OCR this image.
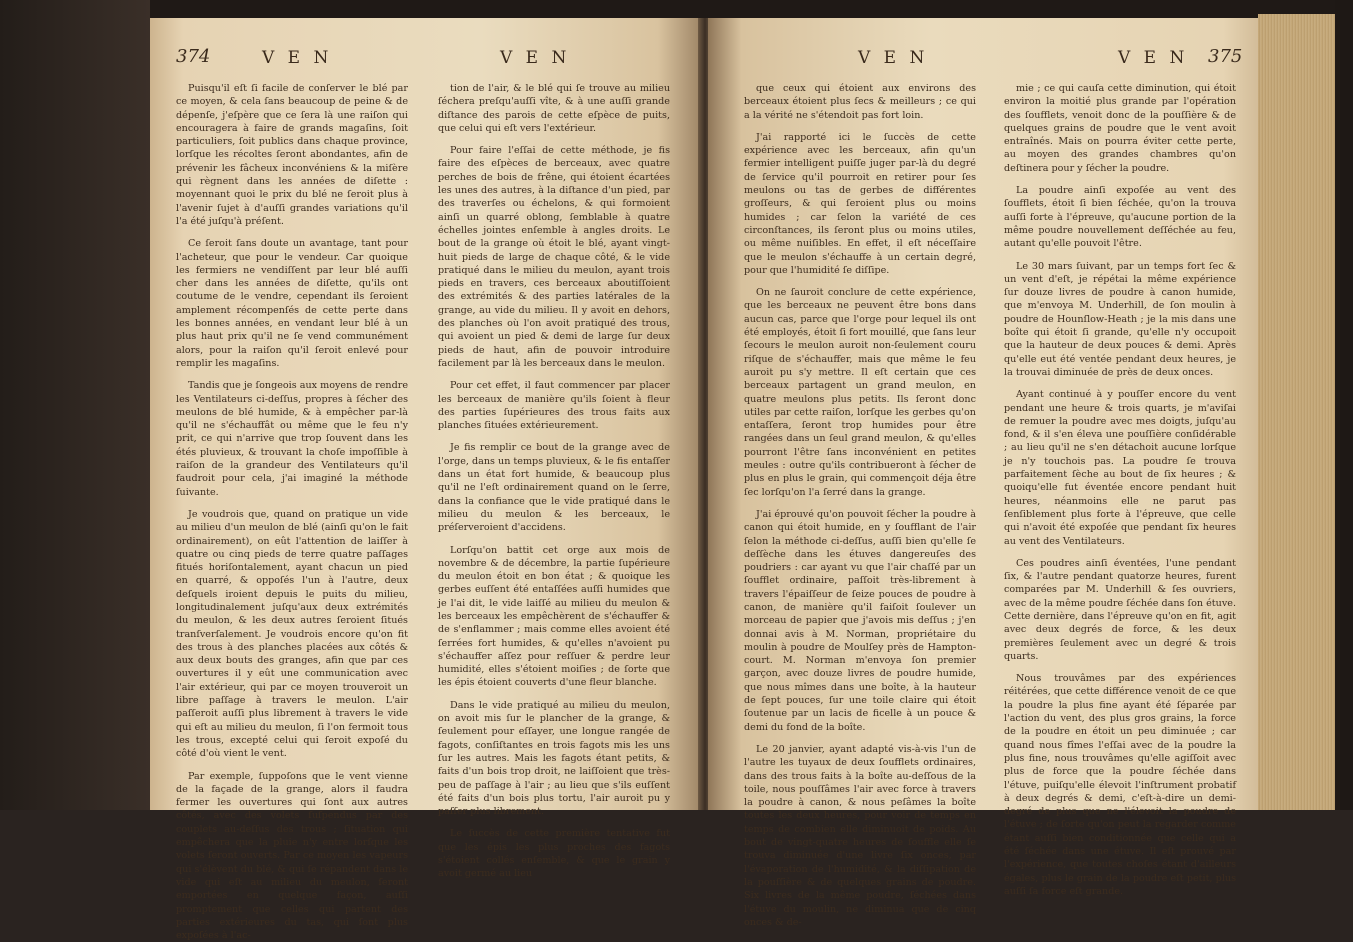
374	V E N	V E N

Puisqu'il eſt ſi facile de conſerver le blé par ce moyen, & cela ſans beaucoup de peine & de dépenſe, j'eſpère que ce ſera là une raiſon qui encouragera à faire de grands magaſins, ſoit particuliers, ſoit publics dans chaque province, lorſque les récoltes ſeront abondantes, afin de prévenir les fâcheux inconvéniens & la miſère qui règnent dans les années de diſette : moyennant quoi le prix du blé ne ſeroit plus à l'avenir ſujet à d'auſſi grandes variations qu'il l'a été juſqu'à préſent.

Ce ſeroit ſans doute un avantage, tant pour l'acheteur, que pour le vendeur. Car quoique les fermiers ne vendiſſent par leur blé auſſi cher dans les années de diſette, qu'ils ont coutume de le vendre, cependant ils ſeroient amplement récompenſés de cette perte dans les bonnes années, en vendant leur blé à un plus haut prix qu'il ne ſe vend communément alors, pour la raiſon qu'il ſeroit enlevé pour remplir les magaſins.

Tandis que je ſongeois aux moyens de rendre les Ventilateurs ci-deſſus, propres à ſécher des meulons de blé humide, & à empêcher par-là qu'il ne s'échauffât ou même que le feu n'y prit, ce qui n'arrive que trop ſouvent dans les étés pluvieux, & trouvant la choſe impoſſible à raiſon de la grandeur des Ventilateurs qu'il faudroit pour cela, j'ai imaginé la méthode ſuivante.

Je voudrois que, quand on pratique un vide au milieu d'un meulon de blé (ainſi qu'on le fait ordinairement), on eût l'attention de laiſſer à quatre ou cinq pieds de terre quatre paſſages fitués horiſontalement, ayant chacun un pied en quarré, & oppoſés l'un à l'autre, deux deſquels iroient depuis le puits du milieu, longitudinalement juſqu'aux deux extrémités du meulon, & les deux autres ſeroient ſitués tranſverſalement. Je voudrois encore qu'on fit des trous à des planches placées aux côtés & aux deux bouts des granges, afin que par ces ouvertures il y eût une communication avec l'air extérieur, qui par ce moyen trouveroit un libre paſſage à travers le meulon. L'air paſſeroit auſſi plus librement à travers le vide qui eſt au milieu du meulon, ſi l'on fermoit tous les trous, excepté celui qui ſeroit expoſé du côté d'où vient le vent.

Par exemple, ſuppoſons que le vent vienne de la façade de la grange, alors il faudra fermer les ouvertures qui ſont aux autres côtés, avec des volets ſuſpendus par des couplets au-deſſus des trous ; ſituation qui empêchera que la pluie n'y entre lorſque les volets ſeront ouverts. Par ce moyen les vapeurs qui s'élèvent du blé, & qui ſe répandent dans le vide qui eſt au milieu du meulon, ſeront emportées en quelque façon, auſſi promptement que celles qui partent des parties extérieures du tas, qui ſont plus expoſées à l'ac-

tion de l'air, & le blé qui ſe trouve au milieu ſéchera preſqu'auſſi vîte, & à une auſſi grande diſtance des parois de cette eſpèce de puits, que celui qui eſt vers l'extérieur.

Pour faire l'eſſai de cette méthode, je fis faire des eſpèces de berceaux, avec quatre perches de bois de frêne, qui étoient écartées les unes des autres, à la diſtance d'un pied, par des traverſes ou échelons, & qui formoient ainſi un quarré oblong, ſemblable à quatre échelles jointes enſemble à angles droits. Le bout de la grange où étoit le blé, ayant vingt-huit pieds de large de chaque côté, & le vide pratiqué dans le milieu du meulon, ayant trois pieds en travers, ces berceaux aboutiſſoient des extrémités & des parties latérales de la grange, au vide du milieu. Il y avoit en dehors, des planches où l'on avoit pratiqué des trous, qui avoient un pied & demi de large ſur deux pieds de haut, afin de pouvoir introduire facilement par là les berceaux dans le meulon.

Pour cet effet, il faut commencer par placer les berceaux de manière qu'ils ſoient à fleur des parties ſupérieures des trous faits aux planches ſituées extérieurement.

Je fis remplir ce bout de la grange avec de l'orge, dans un temps pluvieux, & le fis entaſſer dans un état fort humide, & beaucoup plus qu'il ne l'eſt ordinairement quand on le ſerre, dans la confiance que le vide pratiqué dans le milieu du meulon & les berceaux, le préſerveroient d'accidens.

Lorſqu'on battit cet orge aux mois de novembre & de décembre, la partie ſupérieure du meulon étoit en bon état ; & quoique les gerbes euſſent été entaſſées auſſi humides que je l'ai dit, le vide laiſſé au milieu du meulon & les berceaux les empêchèrent de s'échauffer & de s'enflammer ; mais comme elles avoient été ſerrées fort humides, & qu'elles n'avoient pu s'échauffer aſſez pour reſſuer & perdre leur humidité, elles s'étoient moiſies ; de ſorte que les épis étoient couverts d'une fleur blanche.

Dans le vide pratiqué au milieu du meulon, on avoit mis ſur le plancher de la grange, & ſeulement pour eſſayer, une longue rangée de fagots, conſiſtantes en trois fagots mis les uns ſur les autres. Mais les fagots étant petits, & faits d'un bois trop droit, ne laiſſoient que très-peu de paſſage à l'air ; au lieu que s'ils euſſent été faits d'un bois plus tortu, l'air auroit pu y paſſer plus librement.

Le ſuccès de cette première tentative fut que les épis les plus proches des fagots s'étoient collés enſemble, & que le grain y avoit germé au lieu

V E N	V E N 375

que ceux qui étoient aux environs des berceaux étoient plus ſecs & meilleurs ; ce qui a la vérité ne s'étendoit pas fort loin.

J'ai rapporté ici le ſuccès de cette expérience avec les berceaux, afin qu'un fermier intelligent puiſſe juger par-là du degré de ſervice qu'il pourroit en retirer pour ſes meulons ou tas de gerbes de différentes groſſeurs, & qui ſeroient plus ou moins humides ; car ſelon la variété de ces circonſtances, ils ſeront plus ou moins utiles, ou même nuiſibles. En effet, il eſt néceſſaire que le meulon s'échauffe à un certain degré, pour que l'humidité ſe diſſipe.

On ne ſauroit conclure de cette expérience, que les berceaux ne peuvent être bons dans aucun cas, parce que l'orge pour lequel ils ont été employés, étoit ſi fort mouillé, que ſans leur ſecours le meulon auroit non-ſeulement couru riſque de s'échauffer, mais que même le feu auroit pu s'y mettre. Il eſt certain que ces berceaux partagent un grand meulon, en quatre meulons plus petits. Ils ſeront donc utiles par cette raiſon, lorſque les gerbes qu'on entaſſera, ſeront trop humides pour être rangées dans un ſeul grand meulon, & qu'elles pourront l'être ſans inconvénient en petites meules : outre qu'ils contribueront à ſécher de plus en plus le grain, qui commençoit déja être ſec lorſqu'on l'a ſerré dans la grange.

J'ai éprouvé qu'on pouvoit ſécher la poudre à canon qui étoit humide, en y ſoufflant de l'air ſelon la méthode ci-deſſus, auſſi bien qu'elle ſe deſſèche dans les étuves dangereuſes des poudriers : car ayant vu que l'air chaſſé par un ſoufflet ordinaire, paſſoit très-librement à travers l'épaiſſeur de ſeize pouces de poudre à canon, de manière qu'il faiſoit ſoulever un morceau de papier que j'avois mis deſſus ; j'en donnai avis à M. Norman, propriétaire du moulin à poudre de Moulſey près de Hampton-court. M. Norman m'envoya ſon premier garçon, avec douze livres de poudre humide, que nous mîmes dans une boîte, à la hauteur de ſept pouces, ſur une toile claire qui étoit ſoutenue par un lacis de ficelle à un pouce & demi du fond de la boîte.

Le 20 janvier, ayant adapté vis-à-vis l'un de l'autre les tuyaux de deux ſoufflets ordinaires, dans des trous faits à la boîte au-deſſous de la toile, nous pouſſâmes l'air avec force à travers la poudre à canon, & nous peſâmes la boîte toutes les deux heures, pour voir de temps en temps de combien elle diminuoit de poids. Au bout de vingt-quatre heures de ſouffle elle ſe trouva diminuée d'une livre ſix onces, par l'évaporation de l'humidité, & la diſſipation de la pouſſière & de quelques grains de poudre. Six livres de la même poudre, ſéchées dans l'étuve du moulin, ne diminua que de cinq onces & de-

mie ; ce qui cauſa cette diminution, qui étoit environ la moitié plus grande par l'opération des ſoufflets, venoit donc de la pouſſière & de quelques grains de poudre que le vent avoit entraînés. Mais on pourra éviter cette perte, au moyen des grandes chambres qu'on deſtinera pour y ſécher la poudre.

La poudre ainſi expoſée au vent des ſoufflets, étoit ſi bien ſéchée, qu'on la trouva auſſi forte à l'épreuve, qu'aucune portion de la même poudre nouvellement deſſéchée au feu, autant qu'elle pouvoit l'être.

Le 30 mars ſuivant, par un temps fort ſec & un vent d'eſt, je répétai la même expérience ſur douze livres de poudre à canon humide, que m'envoya M. Underhill, de ſon moulin à poudre de Hounſlow-Heath ; je la mis dans une boîte qui étoit ſi grande, qu'elle n'y occupoit que la hauteur de deux pouces & demi. Après qu'elle eut été ventée pendant deux heures, je la trouvai diminuée de près de deux onces.

Ayant continué à y pouſſer encore du vent pendant une heure & trois quarts, je m'aviſai de remuer la poudre avec mes doigts, juſqu'au fond, & il s'en éleva une pouſſière conſidérable ; au lieu qu'il ne s'en détachoit aucune lorſque je n'y touchois pas. La poudre ſe trouva parfaitement ſèche au bout de ſix heures ; & quoiqu'elle fut éventée encore pendant huit heures, néanmoins elle ne parut pas ſenſiblement plus forte à l'épreuve, que celle qui n'avoit été expoſée que pendant ſix heures au vent des Ventilateurs.

Ces poudres ainſi éventées, l'une pendant ſix, & l'autre pendant quatorze heures, furent comparées par M. Underhill & ſes ouvriers, avec de la même poudre ſéchée dans ſon étuve. Cette dernière, dans l'épreuve qu'on en fit, agit avec deux degrés de force, & les deux premières ſeulement avec un degré & trois quarts.

Nous trouvâmes par des expériences réitérées, que cette différence venoit de ce que la poudre la plus fine ayant été ſéparée par l'action du vent, des plus gros grains, la force de la poudre en étoit un peu diminuée ; car quand nous fîmes l'eſſai avec de la poudre la plus fine, nous trouvâmes qu'elle agiſſoit avec plus de force que la poudre ſéchée dans l'étuve, puiſqu'elle élevoit l'inſtrument probatif à deux degrés & demi, c'eſt-à-dire un demi-degré de plus que ne l'élevoit la poudre de l'étuve ; de ſorte qu'on peut la regarder comme étant auſſi bien conditionnée que celle qui a été ſéchée dans une étuve. Il eſt prouvé par l'expérience, que toutes choſes étant d'ailleurs égales, plus le grain de la poudre eſt petit, plus auſſi ſa force eſt grande.
